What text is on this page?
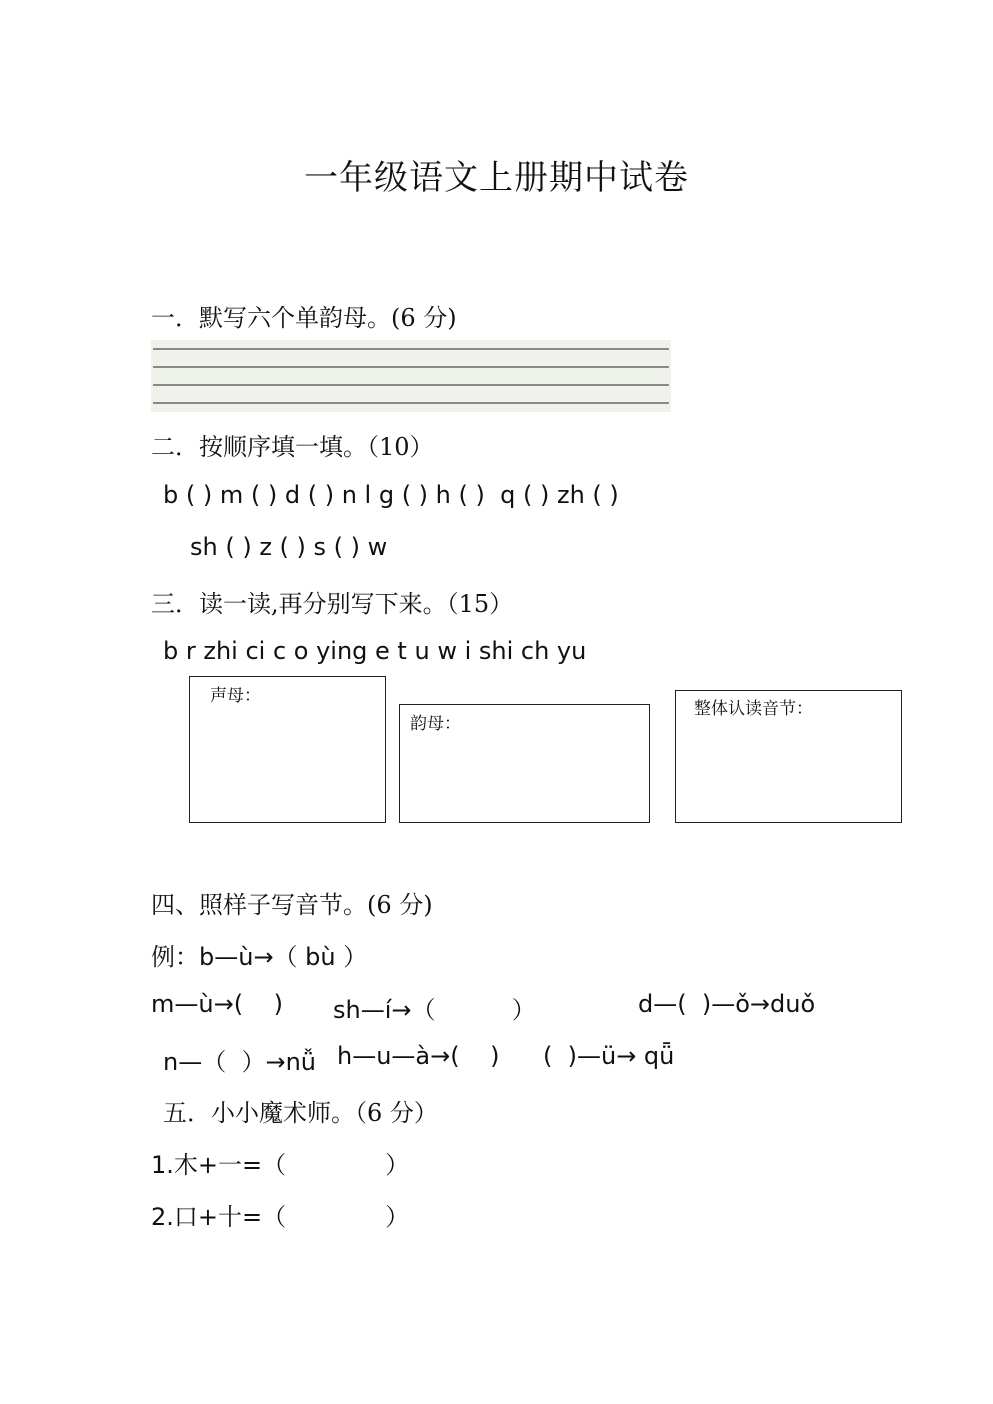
一年级语文上册期中试卷
一．默写六个单韵母。(6 分)
二．按顺序填一填。（10）
b ( ) m ( ) d ( ) n l g ( ) h ( )  q ( ) zh ( )
sh ( ) z ( ) s ( ) w
三．读一读,再分别写下来。（15）
b r zhi ci c o ying e t u w i shi ch yu
声母：
韵母：
整体认读音节：
四、照样子写音节。(6 分)
例：b—ù→（ bù ）
m—ù→(    ) sh—í→（          ）	d—(  )—ǒ→duǒ
n—（  ）→nǚ h—u—à→(    ) (  )—ü→ qǖ
五．小小魔术师。（6 分）
1.木+一=（             ）
2.口+十=（             ）
